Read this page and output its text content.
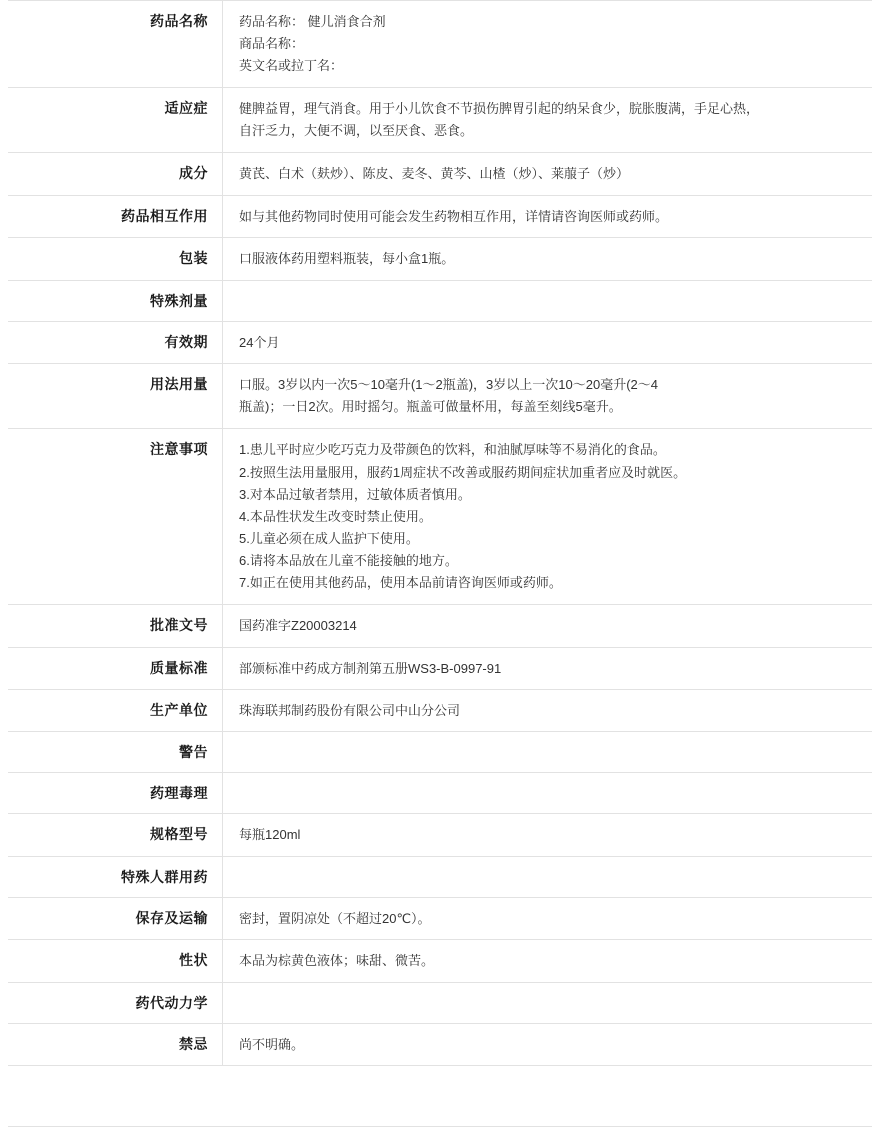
药品名称	药品名称： 健儿消食合剂
商品名称：
英文名或拉丁名：

适应症	健脾益胃，理气消食。用于小儿饮食不节损伤脾胃引起的纳呆食少，脘胀腹满，手足心热，
自汗乏力，大便不调，以至厌食、恶食。

成分	黄芪、白术（麸炒）、陈皮、麦冬、黄芩、山楂（炒）、莱菔子（炒）
药品相互作用	如与其他药物同时使用可能会发生药物相互作用，详情请咨询医师或药师。
包装	口服液体药用塑料瓶装，每小盒1瓶。
特殊剂量	
有效期	24个月
用法用量	口服。3岁以内一次5～10毫升(1～2瓶盖)，3岁以上一次10～20毫升(2～4
瓶盖)；一日2次。用时摇匀。瓶盖可做量杯用，每盖至刻线5毫升。

注意事项	1.患儿平时应少吃巧克力及带颜色的饮料，和油腻厚味等不易消化的食品。
2.按照生法用量服用，服药1周症状不改善或服药期间症状加重者应及时就医。
3.对本品过敏者禁用，过敏体质者慎用。
4.本品性状发生改变时禁止使用。
5.儿童必须在成人监护下使用。
6.请将本品放在儿童不能接触的地方。
7.如正在使用其他药品，使用本品前请咨询医师或药师。

批准文号	国药准字Z20003214
质量标准	部颁标准中药成方制剂第五册WS3-B-0997-91
生产单位	珠海联邦制药股份有限公司中山分公司
警告	
药理毒理	
规格型号	每瓶120ml
特殊人群用药	
保存及运输	密封，置阴凉处（不超过20℃）。
性状	本品为棕黄色液体；味甜、微苦。
药代动力学	
禁忌	尚不明确。
